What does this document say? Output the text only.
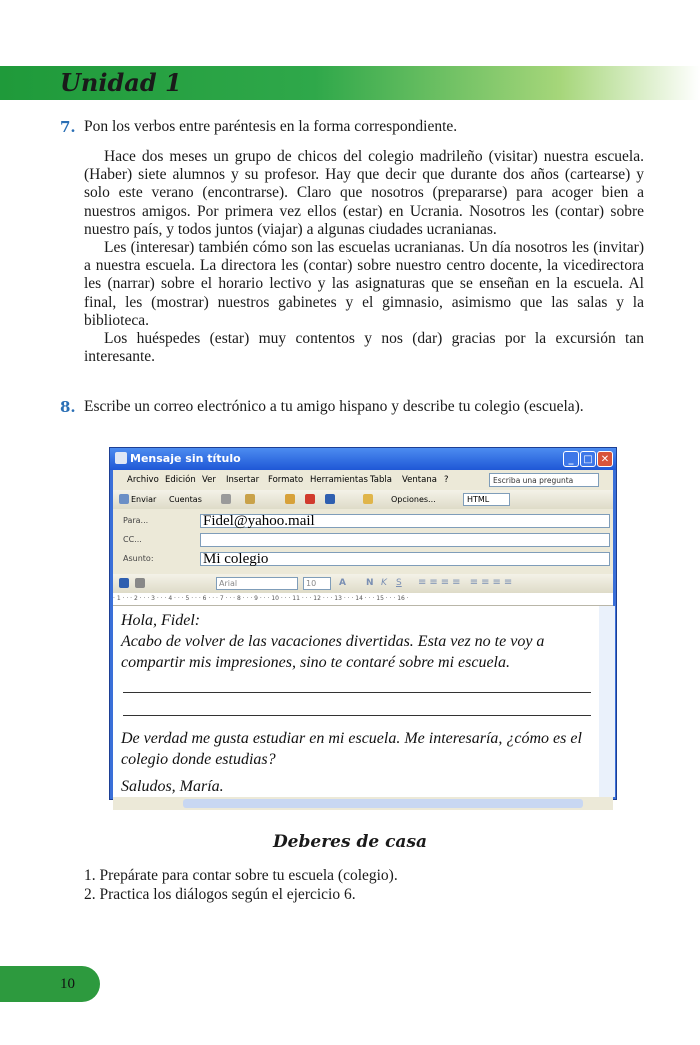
Unidad 1
7. Pon los verbos entre paréntesis en la forma correspondiente.

Hace dos meses un grupo de chicos del colegio madrileño (visitar) nuestra escuela. (Haber) siete alumnos y su profesor. Hay que decir que durante dos años (cartearse) y solo este verano (encontrarse). Claro que nosotros (prepararse) para acoger bien a nuestros amigos. Por primera vez ellos (estar) en Ucrania. Nosotros les (contar) sobre nuestro país, y todos juntos (viajar) a algunas ciudades ucranianas.

Les (interesar) también cómo son las escuelas ucranianas. Un día nosotros les (invitar) a nuestra escuela. La directora les (contar) sobre nuestro centro docente, la vicedirectora les (narrar) sobre el horario lectivo y las asignaturas que se enseñan en la escuela. Al final, les (mostrar) nuestros gabinetes y el gimnasio, asimismo que las salas y la biblioteca.

Los huéspedes (estar) muy contentos y nos (dar) gracias por la excursión tan interesante.

8. Escribe un correo electrónico a tu amigo hispano y describe tu colegio (escuela).
Mensaje sin título	_ □ ✕
Archivo Edición Ver Insertar Formato Herramientas Tabla Ventana ?	Escriba una pregunta
Enviar Cuentas	Opciones...	HTML
Para...	Fidel@yahoo.mail
CC...
Asunto:	Mi colegio
Arial	10	A N K S ≡≡≡≡ ≡≡≡≡
· 1 · · · 2 · · · 3 · · · 4 · · · 5 · · · 6 · · · 7 · · · 8 · · · 9 · · · 10 · · · 11 · · · 12 · · · 13 · · · 14 · · · 15 · · · 16 ·
Hola, Fidel:
Acabo de volver de las vacaciones divertidas. Esta vez no te voy a compartir mis impresiones, sino te contaré sobre mi escuela.
De verdad me gusta estudiar en mi escuela. Me interesaría, ¿cómo es el colegio donde estudias?
Saludos, María.
Deberes de casa
1. Prepárate para contar sobre tu escuela (colegio).
2. Practica los diálogos según el ejercicio 6.
10
